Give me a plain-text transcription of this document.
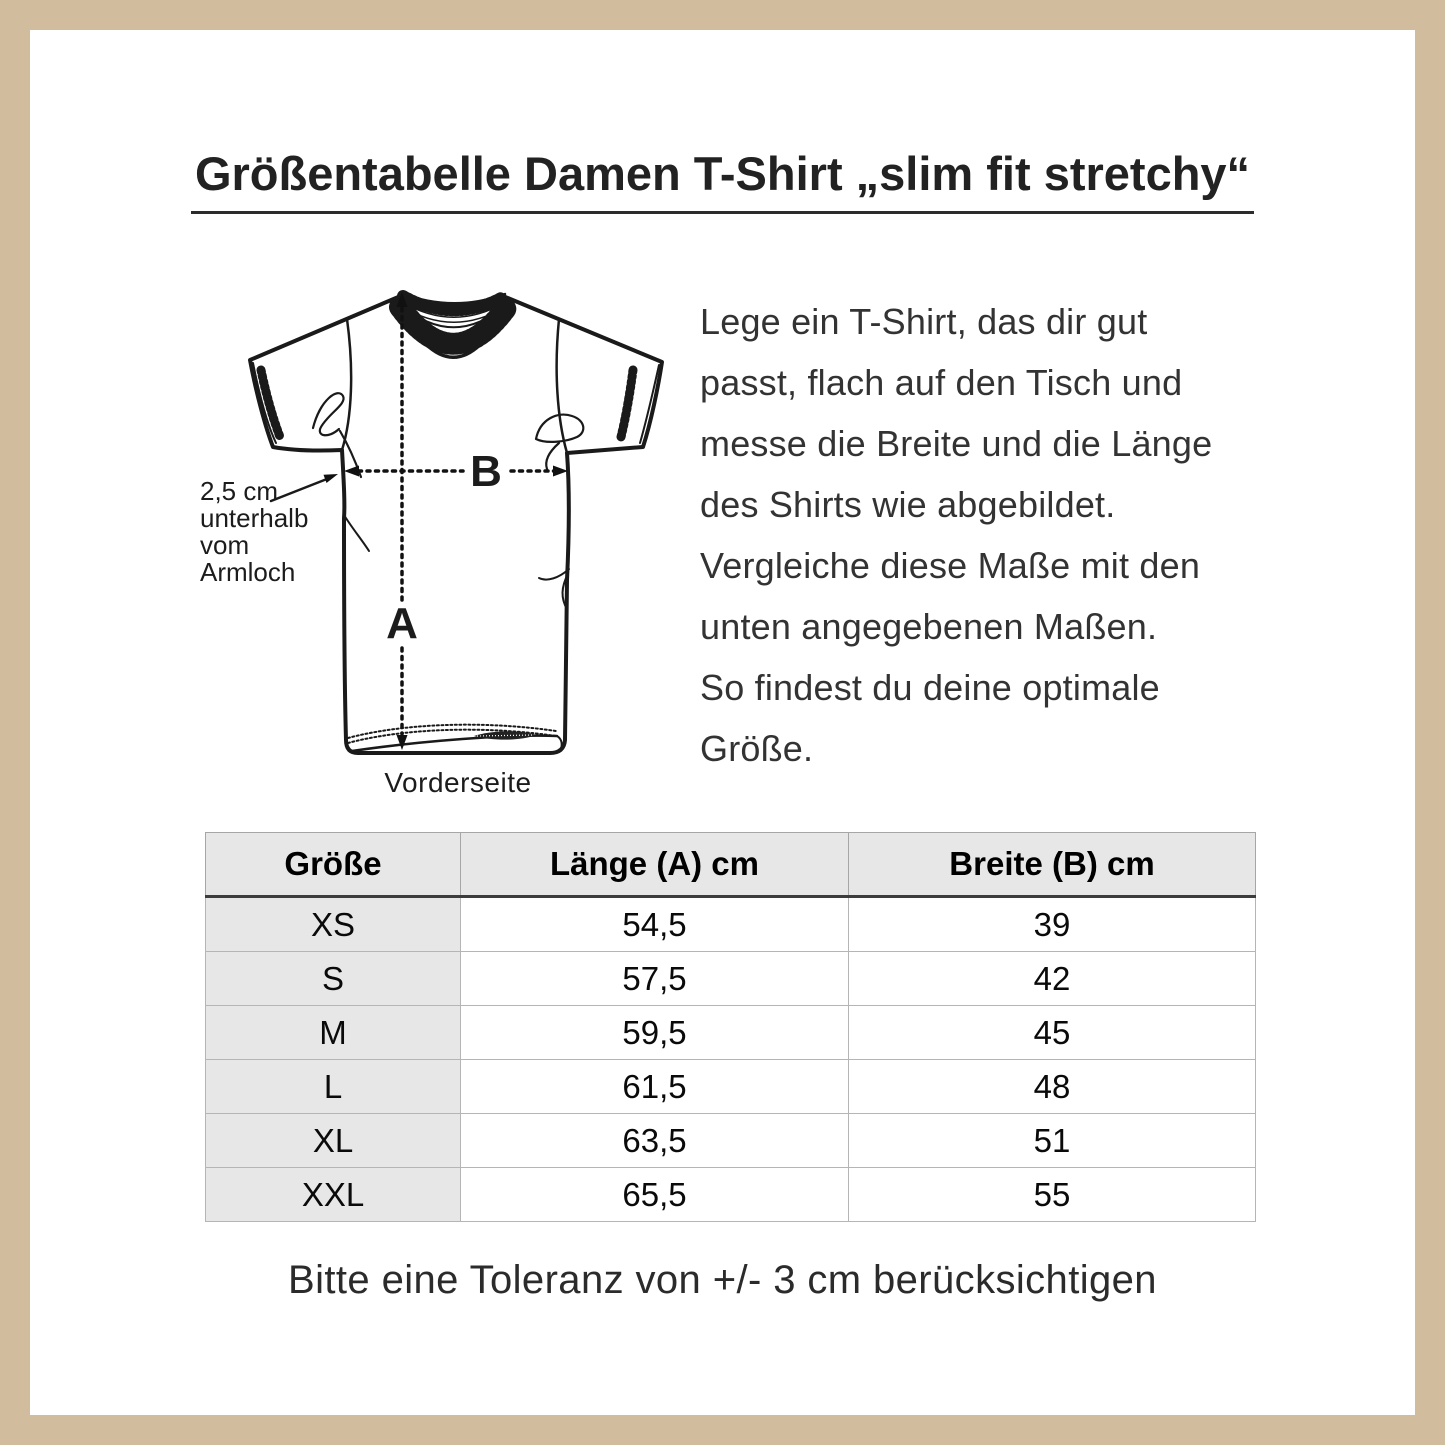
Größentabelle Damen T-Shirt „slim fit stretchy“
A
B
2,5 cm
unterhalb
vom
Armloch
Vorderseite
Lege ein T-Shirt, das dir gut
passt, flach auf den Tisch und
messe die Breite und die Länge
des Shirts wie abgebildet.
Vergleiche diese Maße mit den
unten angegebenen Maßen.
So findest du deine optimale
Größe.
Größe	Länge (A) cm	Breite (B) cm
XS	54,5	39
S	57,5	42
M	59,5	45
L	61,5	48
XL	63,5	51
XXL	65,5	55
Bitte eine Toleranz von +/- 3 cm berücksichtigen
